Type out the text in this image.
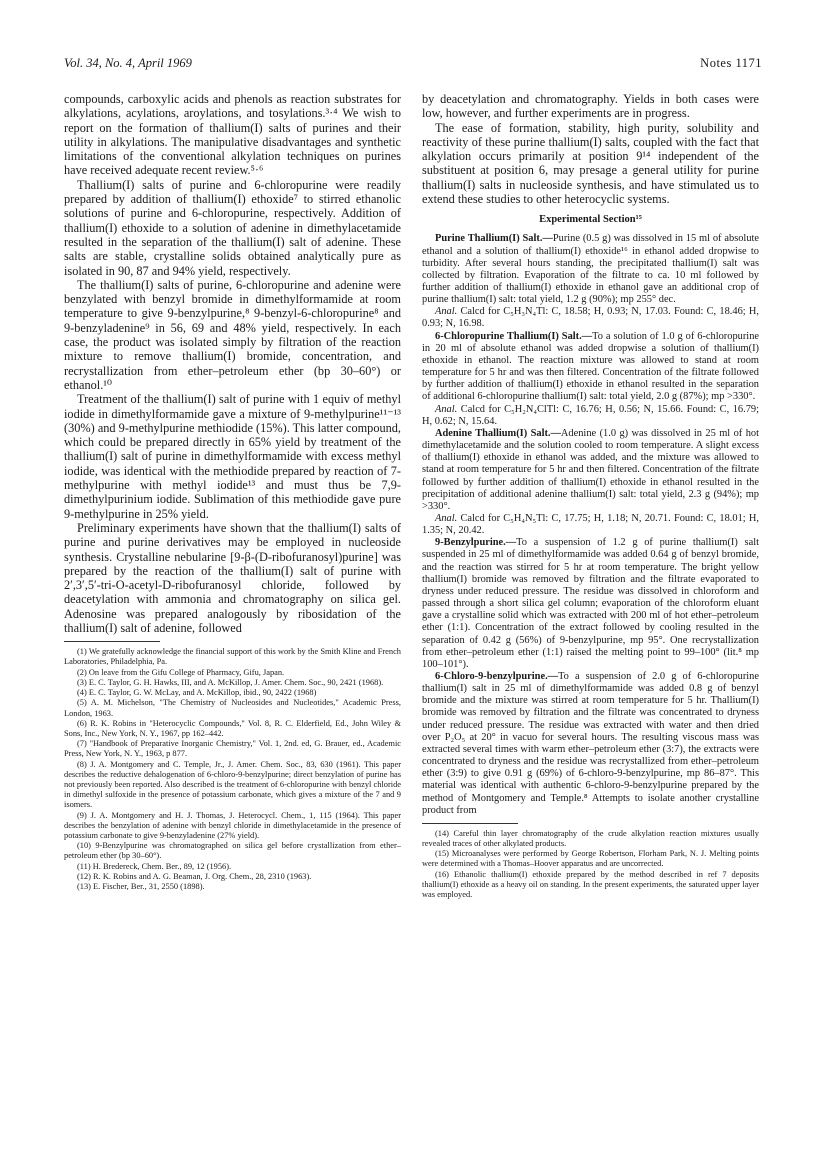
Vol. 34, No. 4, April 1969	Notes 1171

compounds, carboxylic acids and phenols as reaction substrates for alkylations, acylations, aroylations, and tosylations.³·⁴ We wish to report on the formation of thallium(I) salts of purines and their utility in alkylations. The manipulative disadvantages and synthetic limitations of the conventional alkylation techniques on purines have received adequate recent review.⁵·⁶

Thallium(I) salts of purine and 6-chloropurine were readily prepared by addition of thallium(I) ethoxide⁷ to stirred ethanolic solutions of purine and 6-chloropurine, respectively. Addition of thallium(I) ethoxide to a solution of adenine in dimethylacetamide resulted in the separation of the thallium(I) salt of adenine. These salts are stable, crystalline solids obtained analytically pure as isolated in 90, 87 and 94% yield, respectively.

The thallium(I) salts of purine, 6-chloropurine and adenine were benzylated with benzyl bromide in dimethylformamide at room temperature to give 9-benzylpurine,⁸ 9-benzyl-6-chloropurine⁸ and 9-benzyladenine⁹ in 56, 69 and 48% yield, respectively. In each case, the product was isolated simply by filtration of the reaction mixture to remove thallium(I) bromide, concentration, and recrystallization from ether–petroleum ether (bp 30–60°) or ethanol.¹⁰

Treatment of the thallium(I) salt of purine with 1 equiv of methyl iodide in dimethylformamide gave a mixture of 9-methylpurine¹¹⁻¹³ (30%) and 9-methylpurine methiodide (15%). This latter compound, which could be prepared directly in 65% yield by treatment of the thallium(I) salt of purine in dimethylformamide with excess methyl iodide, was identical with the methiodide prepared by reaction of 7-methylpurine with methyl iodide¹³ and must thus be 7,9-dimethylpurinium iodide. Sublimation of this methiodide gave pure 9-methylpurine in 25% yield.

Preliminary experiments have shown that the thallium(I) salts of purine and purine derivatives may be employed in nucleoside synthesis. Crystalline nebularine [9-β-(D-ribofuranosyl)purine] was prepared by the reaction of the thallium(I) salt of purine with 2′,3′,5′-tri-O-acetyl-D-ribofuranosyl chloride, followed by deacetylation with ammonia and chromatography on silica gel. Adenosine was prepared analogously by ribosidation of the thallium(I) salt of adenine, followed

(1) We gratefully acknowledge the financial support of this work by the Smith Kline and French Laboratories, Philadelphia, Pa.

(2) On leave from the Gifu College of Pharmacy, Gifu, Japan.

(3) E. C. Taylor, G. H. Hawks, III, and A. McKillop, J. Amer. Chem. Soc., 90, 2421 (1968).

(4) E. C. Taylor, G. W. McLay, and A. McKillop, ibid., 90, 2422 (1968)

(5) A. M. Michelson, "The Chemistry of Nucleosides and Nucleotides," Academic Press, London, 1963.

(6) R. K. Robins in "Heterocyclic Compounds," Vol. 8, R. C. Elderfield, Ed., John Wiley & Sons, Inc., New York, N. Y., 1967, pp 162–442.

(7) "Handbook of Preparative Inorganic Chemistry," Vol. 1, 2nd. ed, G. Brauer, ed., Academic Press, New York, N. Y., 1963, p 877.

(8) J. A. Montgomery and C. Temple, Jr., J. Amer. Chem. Soc., 83, 630 (1961). This paper describes the reductive dehalogenation of 6-chloro-9-benzylpurine; direct benzylation of purine has not previously been reported. Also described is the treatment of 6-chloropurine with benzyl chloride in dimethyl sulfoxide in the presence of potassium carbonate, which gives a mixture of the 7 and 9 isomers.

(9) J. A. Montgomery and H. J. Thomas, J. Heterocycl. Chem., 1, 115 (1964). This paper describes the benzylation of adenine with benzyl chloride in dimethylacetamide in the presence of potassium carbonate to give 9-benzyladenine (27% yield).

(10) 9-Benzylpurine was chromatographed on silica gel before crystallization from ether–petroleum ether (bp 30–60°).

(11) H. Bredereck, Chem. Ber., 89, 12 (1956).

(12) R. K. Robins and A. G. Beaman, J. Org. Chem., 28, 2310 (1963).

(13) E. Fischer, Ber., 31, 2550 (1898).

by deacetylation and chromatography. Yields in both cases were low, however, and further experiments are in progress.

The ease of formation, stability, high purity, solubility and reactivity of these purine thallium(I) salts, coupled with the fact that alkylation occurs primarily at position 9¹⁴ independent of the substituent at position 6, may presage a general utility for purine thallium(I) salts in nucleoside synthesis, and have stimulated us to extend these studies to other heterocyclic systems.

Experimental Section¹⁵

Purine Thallium(I) Salt.—Purine (0.5 g) was dissolved in 15 ml of absolute ethanol and a solution of thallium(I) ethoxide¹⁶ in ethanol added dropwise to turbidity. After several hours standing, the precipitated thallium(I) salt was collected by filtration. Evaporation of the filtrate to ca. 10 ml followed by further addition of thallium(I) ethoxide in ethanol gave an additional crop of purine thallium(I) salt: total yield, 1.2 g (90%); mp 255° dec.

Anal. Calcd for C₅H₃N₄Tl: C, 18.58; H, 0.93; N, 17.03. Found: C, 18.46; H, 0.93; N, 16.98.

6-Chloropurine Thallium(I) Salt.—To a solution of 1.0 g of 6-chloropurine in 20 ml of absolute ethanol was added dropwise a solution of thallium(I) ethoxide in ethanol. The reaction mixture was allowed to stand at room temperature for 5 hr and was then filtered. Concentration of the filtrate followed by further addition of thallium(I) ethoxide in ethanol resulted in the separation of additional 6-chloropurine thallium(I) salt: total yield, 2.0 g (87%); mp >330°.

Anal. Calcd for C₅H₂N₄ClTl: C, 16.76; H, 0.56; N, 15.66. Found: C, 16.79; H, 0.62; N, 15.64.

Adenine Thallium(I) Salt.—Adenine (1.0 g) was dissolved in 25 ml of hot dimethylacetamide and the solution cooled to room temperature. A slight excess of thallium(I) ethoxide in ethanol was added, and the mixture was allowed to stand at room temperature for 5 hr and then filtered. Concentration of the filtrate followed by further addition of thallium(I) ethoxide in ethanol resulted in the precipitation of additional adenine thallium(I) salt: total yield, 2.3 g (94%); mp >330°.

Anal. Calcd for C₅H₄N₅Tl: C, 17.75; H, 1.18; N, 20.71. Found: C, 18.01; H, 1.35; N, 20.42.

9-Benzylpurine.—To a suspension of 1.2 g of purine thallium(I) salt suspended in 25 ml of dimethylformamide was added 0.64 g of benzyl bromide, and the reaction was stirred for 5 hr at room temperature. The bright yellow thallium(I) bromide was removed by filtration and the filtrate evaporated to dryness under reduced pressure. The residue was dissolved in chloroform and passed through a short silica gel column; evaporation of the chloroform eluant gave a crystalline solid which was extracted with 200 ml of hot ether–petroleum ether (1:1). Concentration of the extract followed by cooling resulted in the separation of 0.42 g (56%) of 9-benzylpurine, mp 95°. One recrystallization from ether–petroleum ether (1:1) raised the melting point to 99–100° (lit.⁸ mp 100–101°).

6-Chloro-9-benzylpurine.—To a suspension of 2.0 g of 6-chloropurine thallium(I) salt in 25 ml of dimethylformamide was added 0.8 g of benzyl bromide and the mixture was stirred at room temperature for 5 hr. Thallium(I) bromide was removed by filtration and the filtrate was concentrated to dryness under reduced pressure. The residue was extracted with water and then dried over P₂O₅ at 20° in vacuo for several hours. The resulting viscous mass was extracted several times with warm ether–petroleum ether (3:7), the extracts were concentrated to dryness and the residue was recrystallized from ether–petroleum ether (3:9) to give 0.91 g (69%) of 6-chloro-9-benzylpurine, mp 86–87°. This material was identical with authentic 6-chloro-9-benzylpurine prepared by the method of Montgomery and Temple.⁸ Attempts to isolate another crystalline product from

(14) Careful thin layer chromatography of the crude alkylation reaction mixtures usually revealed traces of other alkylated products.

(15) Microanalyses were performed by George Robertson, Florham Park, N. J. Melting points were determined with a Thomas–Hoover apparatus and are uncorrected.

(16) Ethanolic thallium(I) ethoxide prepared by the method described in ref 7 deposits thallium(I) ethoxide as a heavy oil on standing. In the present experiments, the saturated upper layer was employed.
